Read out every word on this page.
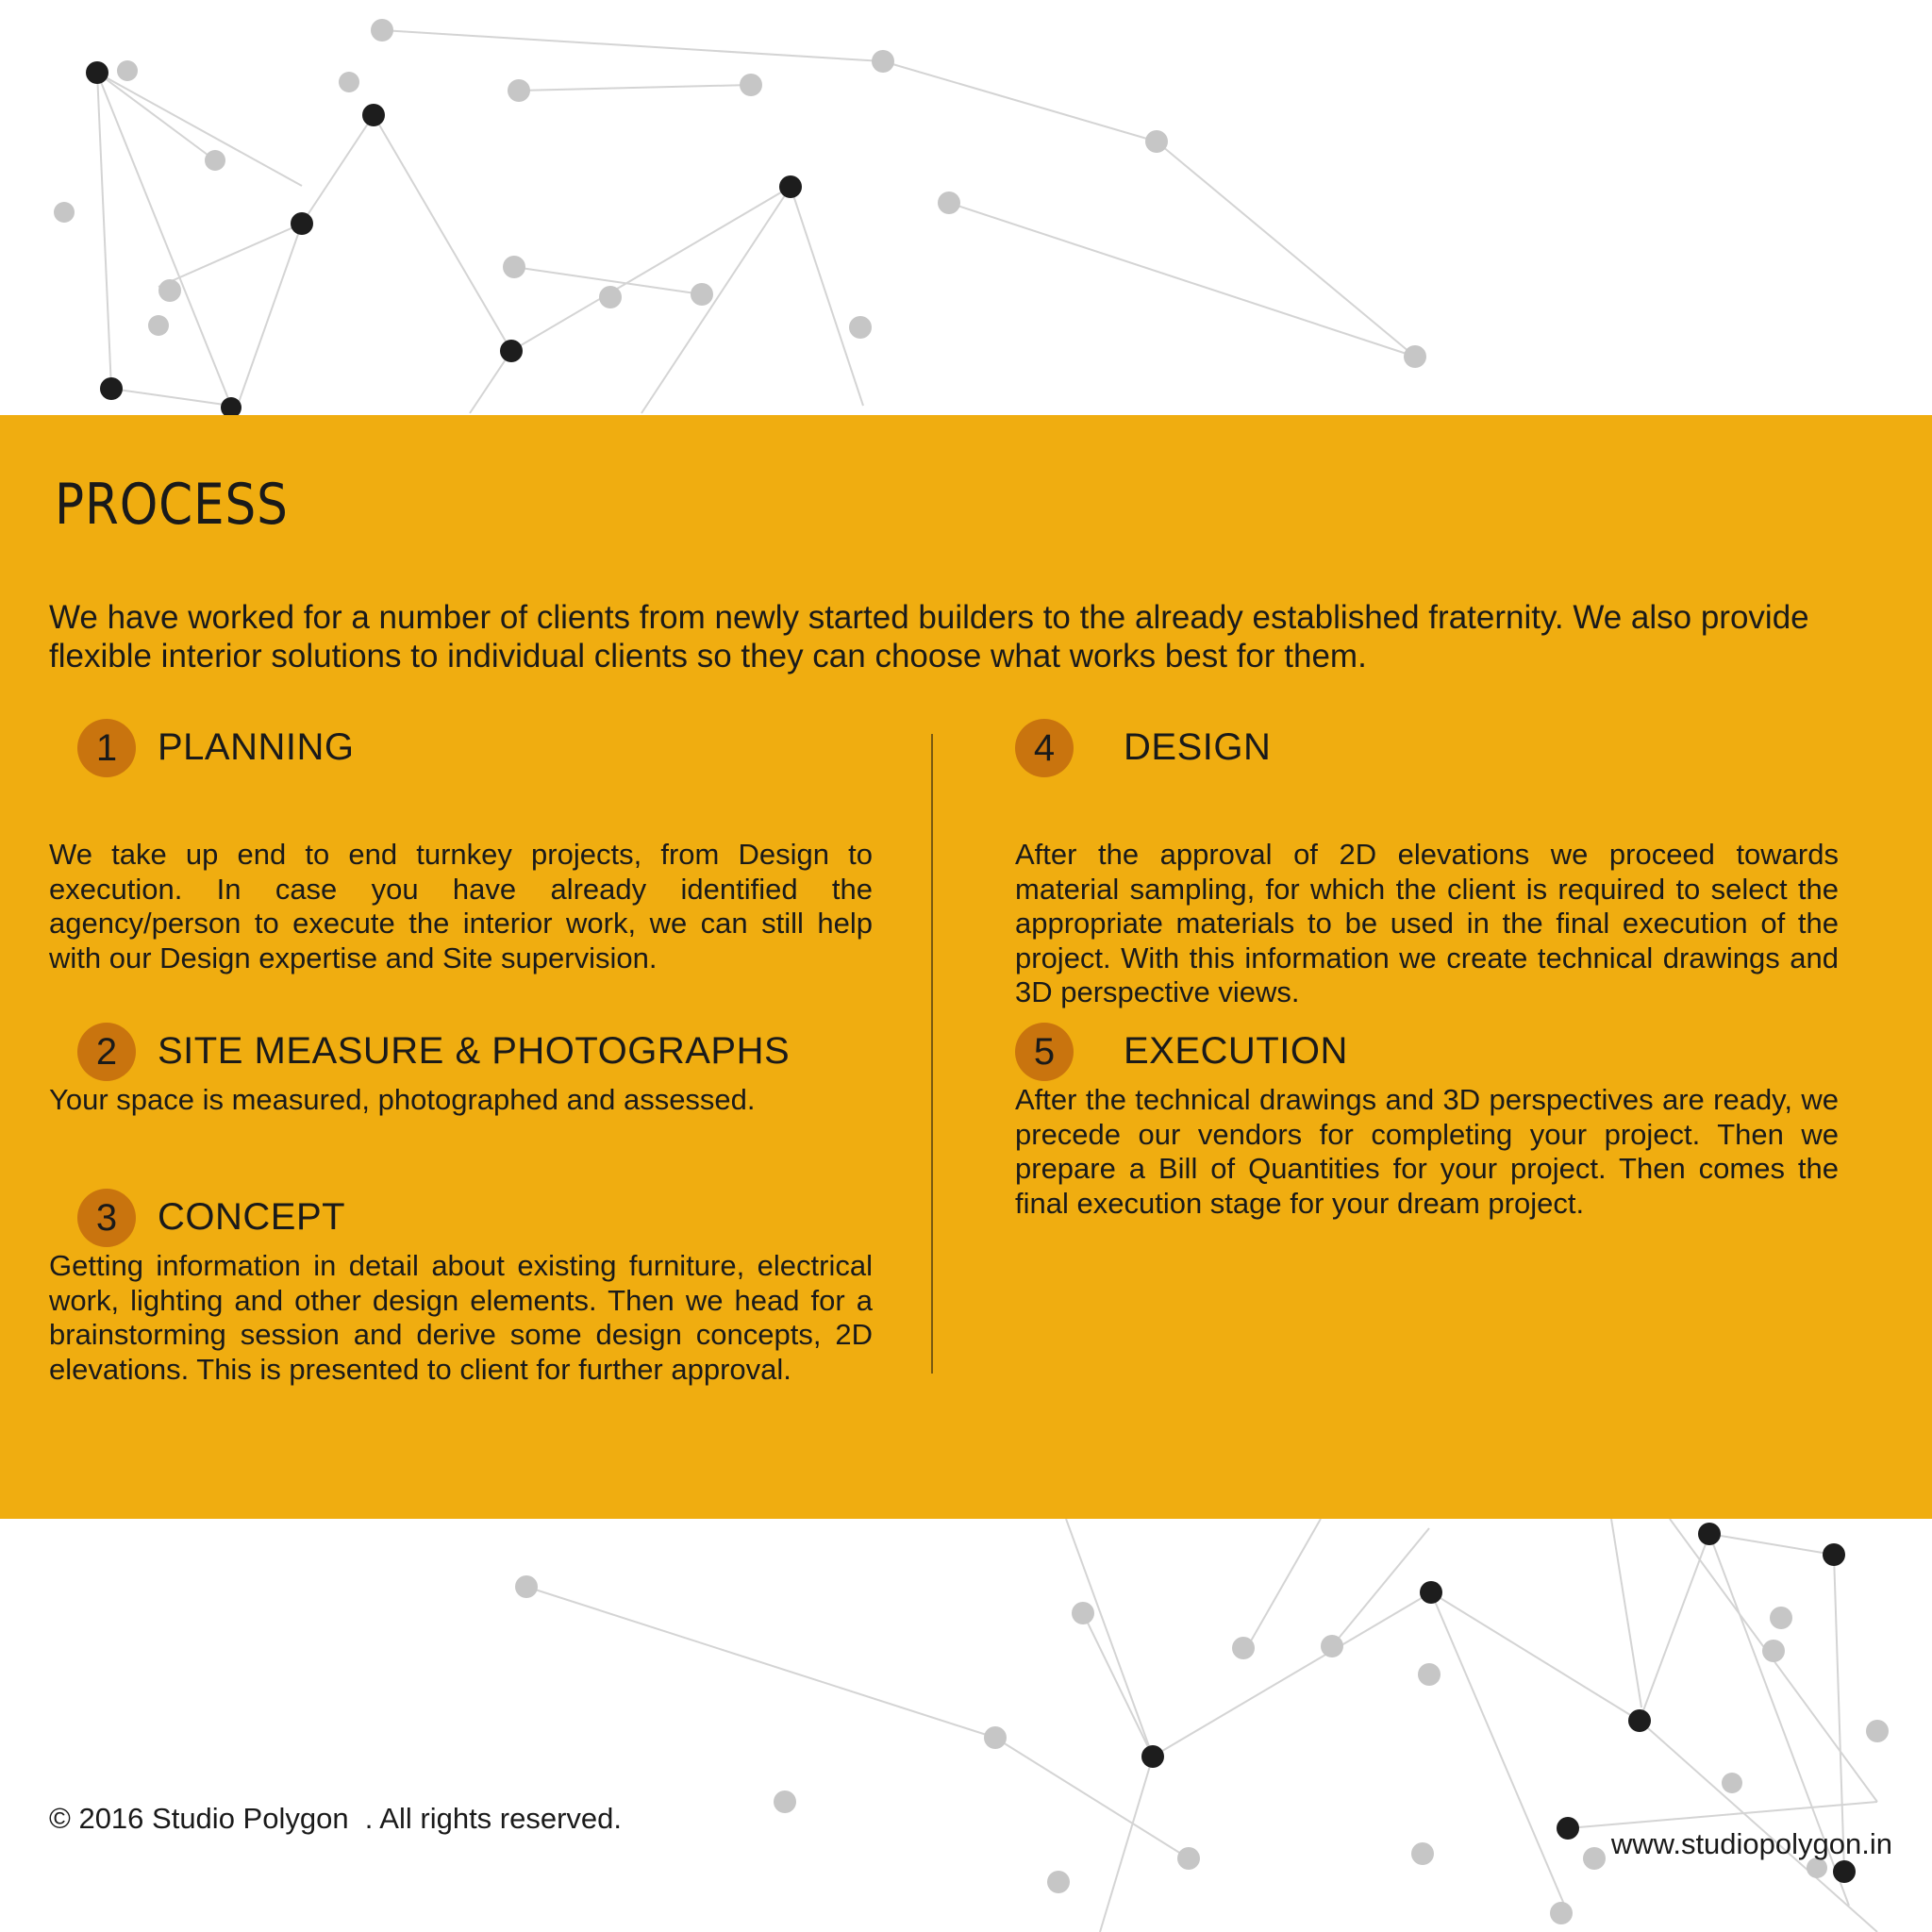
PROCESS

We have worked for a number of clients from newly started builders to the already established fraternity. We also provide flexible interior solutions to individual clients so they can choose what works best for them.

1	PLANNING

We take up end to end turnkey projects, from Design to execution. In case you have already identified the agency/person to execute the interior work, we can still help with our Design expertise and Site supervision.

2	SITE MEASURE & PHOTOGRAPHS

Your space is measured, photographed and assessed.

3	CONCEPT

Getting information in detail about existing furniture, electrical work, lighting and other design elements. Then we head for a brainstorming session and derive some design concepts, 2D elevations. This is presented to client for further approval.

4	DESIGN

After the approval of 2D elevations we proceed towards material sampling, for which the client is required to select the appropriate materials to be used in the final execution of the project. With this information we create technical drawings and 3D perspective views.

5	EXECUTION

After the technical drawings and 3D perspectives are ready, we precede our vendors for completing your project. Then we prepare a Bill of Quantities for your project. Then comes the final execution stage for your dream project.

© 2016 Studio Polygon  . All rights reserved.
www.studiopolygon.in
